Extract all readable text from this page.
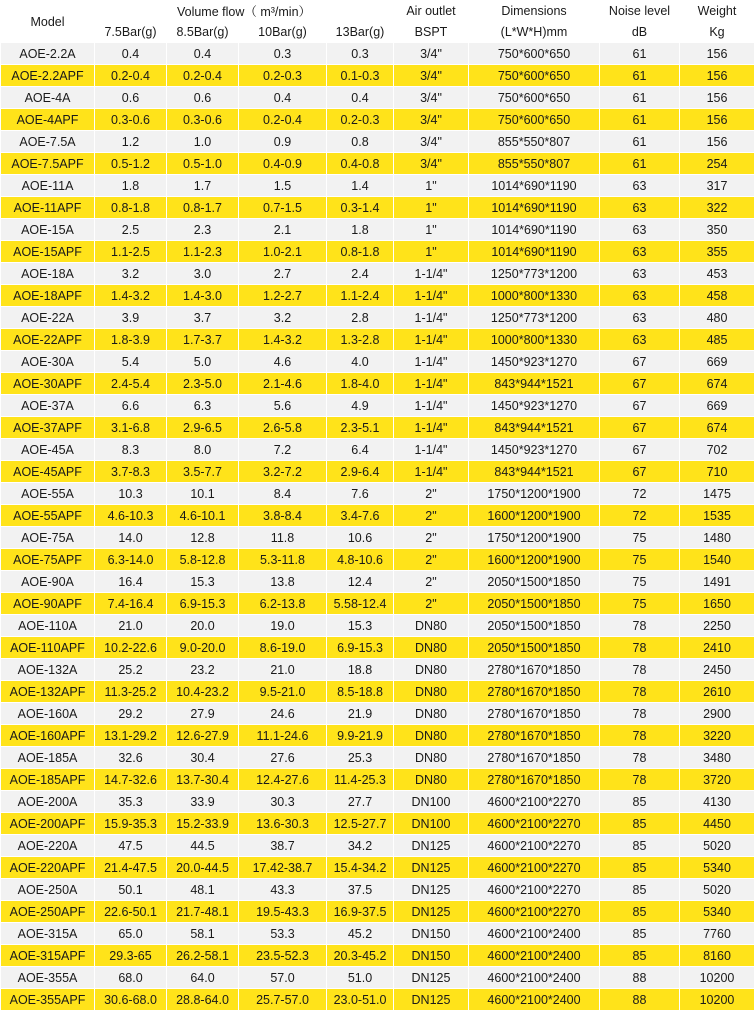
Model	Volume flow（ m³/min）				Air outlet	Dimensions	Noise level	Weight
	7.5Bar(g)	8.5Bar(g)	10Bar(g)	13Bar(g)	BSPT	(L*W*H)mm	dB	Kg
AOE-2.2A	0.4	0.4	0.3	0.3	3/4"	750*600*650	61	156
AOE-2.2APF	0.2-0.4	0.2-0.4	0.2-0.3	0.1-0.3	3/4"	750*600*650	61	156
AOE-4A	0.6	0.6	0.4	0.4	3/4"	750*600*650	61	156
AOE-4APF	0.3-0.6	0.3-0.6	0.2-0.4	0.2-0.3	3/4"	750*600*650	61	156
AOE-7.5A	1.2	1.0	0.9	0.8	3/4"	855*550*807	61	156
AOE-7.5APF	0.5-1.2	0.5-1.0	0.4-0.9	0.4-0.8	3/4"	855*550*807	61	254
AOE-11A	1.8	1.7	1.5	1.4	1"	1014*690*1190	63	317
AOE-11APF	0.8-1.8	0.8-1.7	0.7-1.5	0.3-1.4	1"	1014*690*1190	63	322
AOE-15A	2.5	2.3	2.1	1.8	1"	1014*690*1190	63	350
AOE-15APF	1.1-2.5	1.1-2.3	1.0-2.1	0.8-1.8	1"	1014*690*1190	63	355
AOE-18A	3.2	3.0	2.7	2.4	1-1/4"	1250*773*1200	63	453
AOE-18APF	1.4-3.2	1.4-3.0	1.2-2.7	1.1-2.4	1-1/4"	1000*800*1330	63	458
AOE-22A	3.9	3.7	3.2	2.8	1-1/4"	1250*773*1200	63	480
AOE-22APF	1.8-3.9	1.7-3.7	1.4-3.2	1.3-2.8	1-1/4"	1000*800*1330	63	485
AOE-30A	5.4	5.0	4.6	4.0	1-1/4"	1450*923*1270	67	669
AOE-30APF	2.4-5.4	2.3-5.0	2.1-4.6	1.8-4.0	1-1/4"	843*944*1521	67	674
AOE-37A	6.6	6.3	5.6	4.9	1-1/4"	1450*923*1270	67	669
AOE-37APF	3.1-6.8	2.9-6.5	2.6-5.8	2.3-5.1	1-1/4"	843*944*1521	67	674
AOE-45A	8.3	8.0	7.2	6.4	1-1/4"	1450*923*1270	67	702
AOE-45APF	3.7-8.3	3.5-7.7	3.2-7.2	2.9-6.4	1-1/4"	843*944*1521	67	710
AOE-55A	10.3	10.1	8.4	7.6	2"	1750*1200*1900	72	1475
AOE-55APF	4.6-10.3	4.6-10.1	3.8-8.4	3.4-7.6	2"	1600*1200*1900	72	1535
AOE-75A	14.0	12.8	11.8	10.6	2"	1750*1200*1900	75	1480
AOE-75APF	6.3-14.0	5.8-12.8	5.3-11.8	4.8-10.6	2"	1600*1200*1900	75	1540
AOE-90A	16.4	15.3	13.8	12.4	2"	2050*1500*1850	75	1491
AOE-90APF	7.4-16.4	6.9-15.3	6.2-13.8	5.58-12.4	2"	2050*1500*1850	75	1650
AOE-110A	21.0	20.0	19.0	15.3	DN80	2050*1500*1850	78	2250
AOE-110APF	10.2-22.6	9.0-20.0	8.6-19.0	6.9-15.3	DN80	2050*1500*1850	78	2410
AOE-132A	25.2	23.2	21.0	18.8	DN80	2780*1670*1850	78	2450
AOE-132APF	11.3-25.2	10.4-23.2	9.5-21.0	8.5-18.8	DN80	2780*1670*1850	78	2610
AOE-160A	29.2	27.9	24.6	21.9	DN80	2780*1670*1850	78	2900
AOE-160APF	13.1-29.2	12.6-27.9	11.1-24.6	9.9-21.9	DN80	2780*1670*1850	78	3220
AOE-185A	32.6	30.4	27.6	25.3	DN80	2780*1670*1850	78	3480
AOE-185APF	14.7-32.6	13.7-30.4	12.4-27.6	11.4-25.3	DN80	2780*1670*1850	78	3720
AOE-200A	35.3	33.9	30.3	27.7	DN100	4600*2100*2270	85	4130
AOE-200APF	15.9-35.3	15.2-33.9	13.6-30.3	12.5-27.7	DN100	4600*2100*2270	85	4450
AOE-220A	47.5	44.5	38.7	34.2	DN125	4600*2100*2270	85	5020
AOE-220APF	21.4-47.5	20.0-44.5	17.42-38.7	15.4-34.2	DN125	4600*2100*2270	85	5340
AOE-250A	50.1	48.1	43.3	37.5	DN125	4600*2100*2270	85	5020
AOE-250APF	22.6-50.1	21.7-48.1	19.5-43.3	16.9-37.5	DN125	4600*2100*2270	85	5340
AOE-315A	65.0	58.1	53.3	45.2	DN150	4600*2100*2400	85	7760
AOE-315APF	29.3-65	26.2-58.1	23.5-52.3	20.3-45.2	DN150	4600*2100*2400	85	8160
AOE-355A	68.0	64.0	57.0	51.0	DN125	4600*2100*2400	88	10200
AOE-355APF	30.6-68.0	28.8-64.0	25.7-57.0	23.0-51.0	DN125	4600*2100*2400	88	10200
